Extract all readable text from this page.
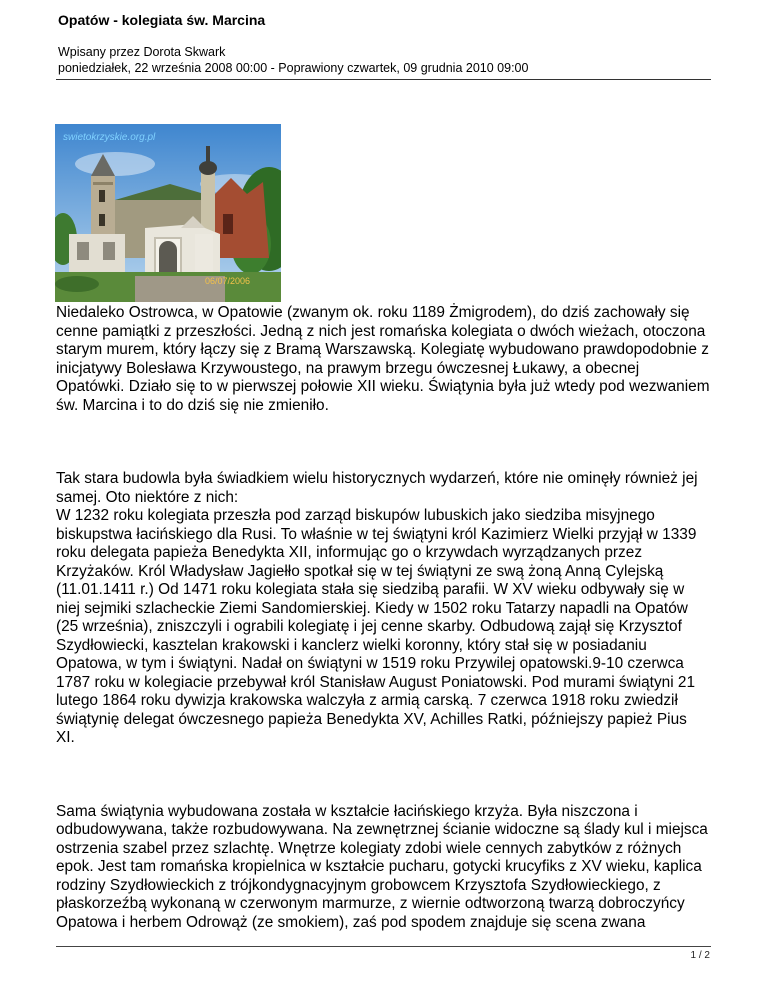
Opatów - kolegiata św. Marcina
Wpisany przez Dorota Skwark
poniedziałek, 22 września 2008 00:00 - Poprawiony czwartek, 09 grudnia 2010 09:00
swietokrzyskie.org.pl
06/07/2006

Niedaleko Ostrowca, w Opatowie (zwanym ok. roku 1189 Żmigrodem), do dziś zachowały się
cenne pamiątki z przeszłości. Jedną z nich jest romańska kolegiata o dwóch wieżach, otoczona
starym murem, który łączy się z Bramą Warszawską. Kolegiatę wybudowano prawdopodobnie z
inicjatywy Bolesława Krzywoustego, na prawym brzegu ówczesnej Łukawy, a obecnej
Opatówki. Działo się to w pierwszej połowie XII wieku. Świątynia była już wtedy pod wezwaniem
św. Marcina i to do dziś się nie zmieniło.

Tak stara budowla była świadkiem wielu historycznych wydarzeń, które nie ominęły również jej
samej. Oto niektóre z nich:
W 1232 roku kolegiata przeszła pod zarząd biskupów lubuskich jako siedziba misyjnego
biskupstwa łacińskiego dla Rusi. To właśnie w tej świątyni król Kazimierz Wielki przyjął w 1339
roku delegata papieża Benedykta XII, informując go o krzywdach wyrządzanych przez
Krzyżaków. Król Władysław Jagiełło spotkał się w tej świątyni ze swą żoną Anną Cylejską
(11.01.1411 r.) Od 1471 roku kolegiata stała się siedzibą parafii. W XV wieku odbywały się w
niej sejmiki szlacheckie Ziemi Sandomierskiej. Kiedy w 1502 roku Tatarzy napadli na Opatów
(25 września), zniszczyli i ograbili kolegiatę i jej cenne skarby. Odbudową zajął się Krzysztof
Szydłowiecki, kasztelan krakowski i kanclerz wielki koronny, który stał się w posiadaniu
Opatowa, w tym i świątyni. Nadał on świątyni w 1519 roku Przywilej opatowski.9-10 czerwca
1787 roku w kolegiacie przebywał król Stanisław August Poniatowski. Pod murami świątyni 21
lutego 1864 roku dywizja krakowska walczyła z armią carską. 7 czerwca 1918 roku zwiedził
świątynię delegat ówczesnego papieża Benedykta XV, Achilles Ratki, późniejszy papież Pius
XI.

Sama świątynia wybudowana została w kształcie łacińskiego krzyża. Była niszczona i
odbudowywana, także rozbudowywana. Na zewnętrznej ścianie widoczne są ślady kul i miejsca
ostrzenia szabel przez szlachtę. Wnętrze kolegiaty zdobi wiele cennych zabytków z różnych
epok. Jest tam romańska kropielnica w kształcie pucharu, gotycki krucyfiks z XV wieku, kaplica
rodziny Szydłowieckich z trójkondygnacyjnym grobowcem Krzysztofa Szydłowieckiego, z
płaskorzeźbą wykonaną w czerwonym marmurze, z wiernie odtworzoną twarzą dobroczyńcy
Opatowa i herbem Odrowąż (ze smokiem), zaś pod spodem znajduje się scena zwana

1 / 2
